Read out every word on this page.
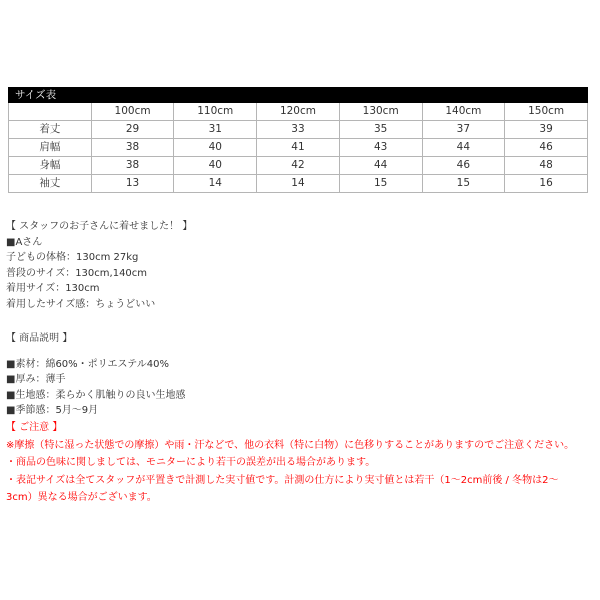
サイズ表						
	100cm	110cm	120cm	130cm	140cm	150cm
着丈	29	31	33	35	37	39
肩幅	38	40	41	43	44	46
身幅	38	40	42	44	46	48
袖丈	13	14	14	15	15	16
【 スタッフのお子さんに着せました！ 】
■Aさん
子どもの体格：130cm 27kg
普段のサイズ：130cm,140cm
着用サイズ：130cm
着用したサイズ感：ちょうどいい
【 商品説明 】
■素材：綿60%・ポリエステル40%
■厚み：薄手
■生地感：柔らかく肌触りの良い生地感
■季節感：5月～9月
【 ご注意 】
※摩擦（特に湿った状態での摩擦）や雨・汗などで、他の衣料（特に白物）に色移りすることがありますのでご注意ください。
・商品の色味に関しましては、モニターにより若干の誤差が出る場合があります。
・表記サイズは全てスタッフが平置きで計測した実寸値です。計測の仕方により実寸値とは若干（1～2cm前後 / 冬物は2～
3cm）異なる場合がございます。
